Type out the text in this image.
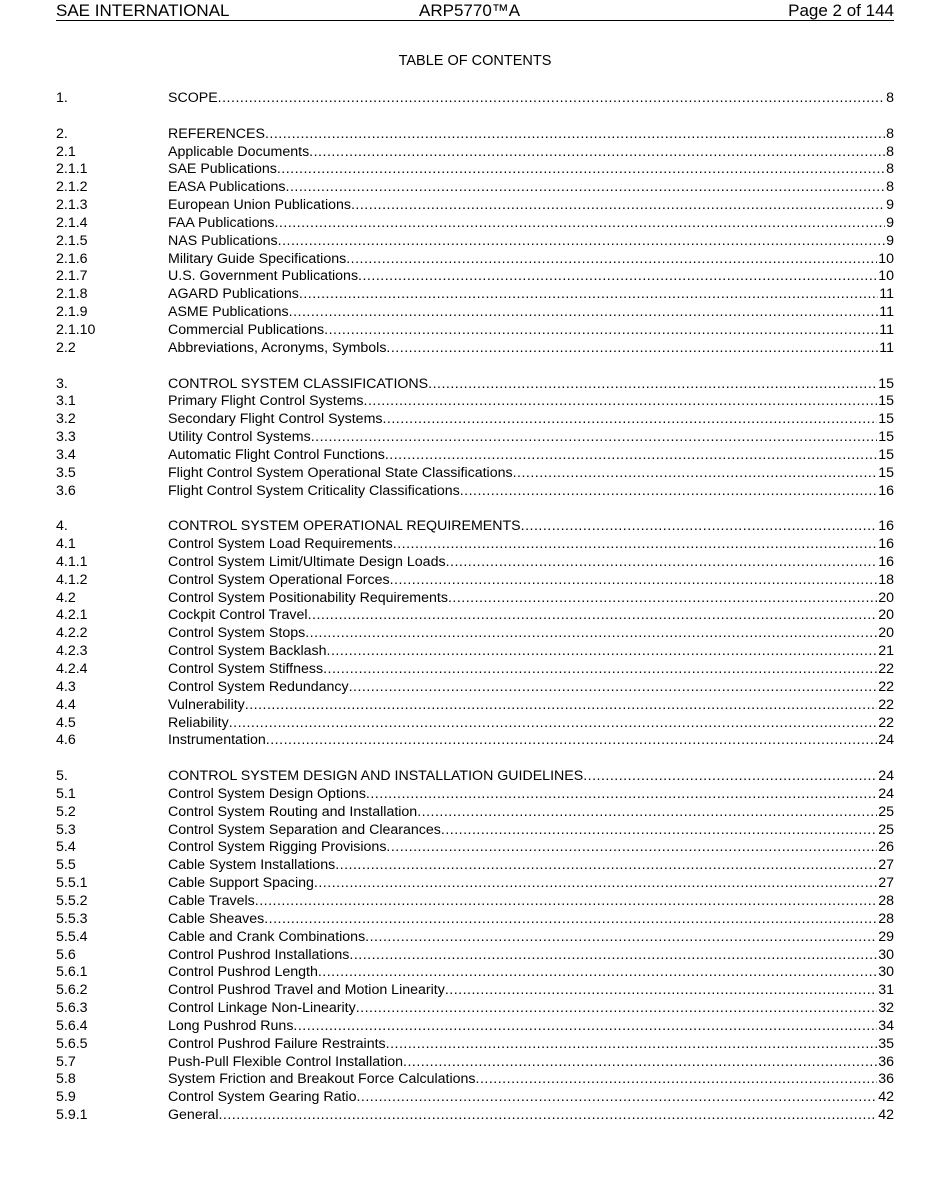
SAE INTERNATIONAL	ARP5770™A	Page 2 of 144
TABLE OF CONTENTS
1.	SCOPE .....	8
2.	REFERENCES .....	8
2.1	Applicable Documents .....	8
2.1.1	SAE Publications .....	8
2.1.2	EASA Publications .....	8
2.1.3	European Union Publications .....	9
2.1.4	FAA Publications .....	9
2.1.5	NAS Publications .....	9
2.1.6	Military Guide Specifications .....	10
2.1.7	U.S. Government Publications .....	10
2.1.8	AGARD Publications .....	11
2.1.9	ASME Publications .....	11
2.1.10	Commercial Publications .....	11
2.2	Abbreviations, Acronyms, Symbols .....	11
3.	CONTROL SYSTEM CLASSIFICATIONS .....	15
3.1	Primary Flight Control Systems .....	15
3.2	Secondary Flight Control Systems .....	15
3.3	Utility Control Systems .....	15
3.4	Automatic Flight Control Functions .....	15
3.5	Flight Control System Operational State Classifications .....	15
3.6	Flight Control System Criticality Classifications .....	16
4.	CONTROL SYSTEM OPERATIONAL REQUIREMENTS .....	16
4.1	Control System Load Requirements .....	16
4.1.1	Control System Limit/Ultimate Design Loads .....	16
4.1.2	Control System Operational Forces .....	18
4.2	Control System Positionability Requirements .....	20
4.2.1	Cockpit Control Travel .....	20
4.2.2	Control System Stops .....	20
4.2.3	Control System Backlash .....	21
4.2.4	Control System Stiffness .....	22
4.3	Control System Redundancy .....	22
4.4	Vulnerability .....	22
4.5	Reliability .....	22
4.6	Instrumentation .....	24
5.	CONTROL SYSTEM DESIGN AND INSTALLATION GUIDELINES .....	24
5.1	Control System Design Options .....	24
5.2	Control System Routing and Installation .....	25
5.3	Control System Separation and Clearances .....	25
5.4	Control System Rigging Provisions .....	26
5.5	Cable System Installations .....	27
5.5.1	Cable Support Spacing .....	27
5.5.2	Cable Travels .....	28
5.5.3	Cable Sheaves .....	28
5.5.4	Cable and Crank Combinations .....	29
5.6	Control Pushrod Installations .....	30
5.6.1	Control Pushrod Length .....	30
5.6.2	Control Pushrod Travel and Motion Linearity .....	31
5.6.3	Control Linkage Non-Linearity .....	32
5.6.4	Long Pushrod Runs .....	34
5.6.5	Control Pushrod Failure Restraints .....	35
5.7	Push-Pull Flexible Control Installation .....	36
5.8	System Friction and Breakout Force Calculations .....	36
5.9	Control System Gearing Ratio .....	42
5.9.1	General .....	42
